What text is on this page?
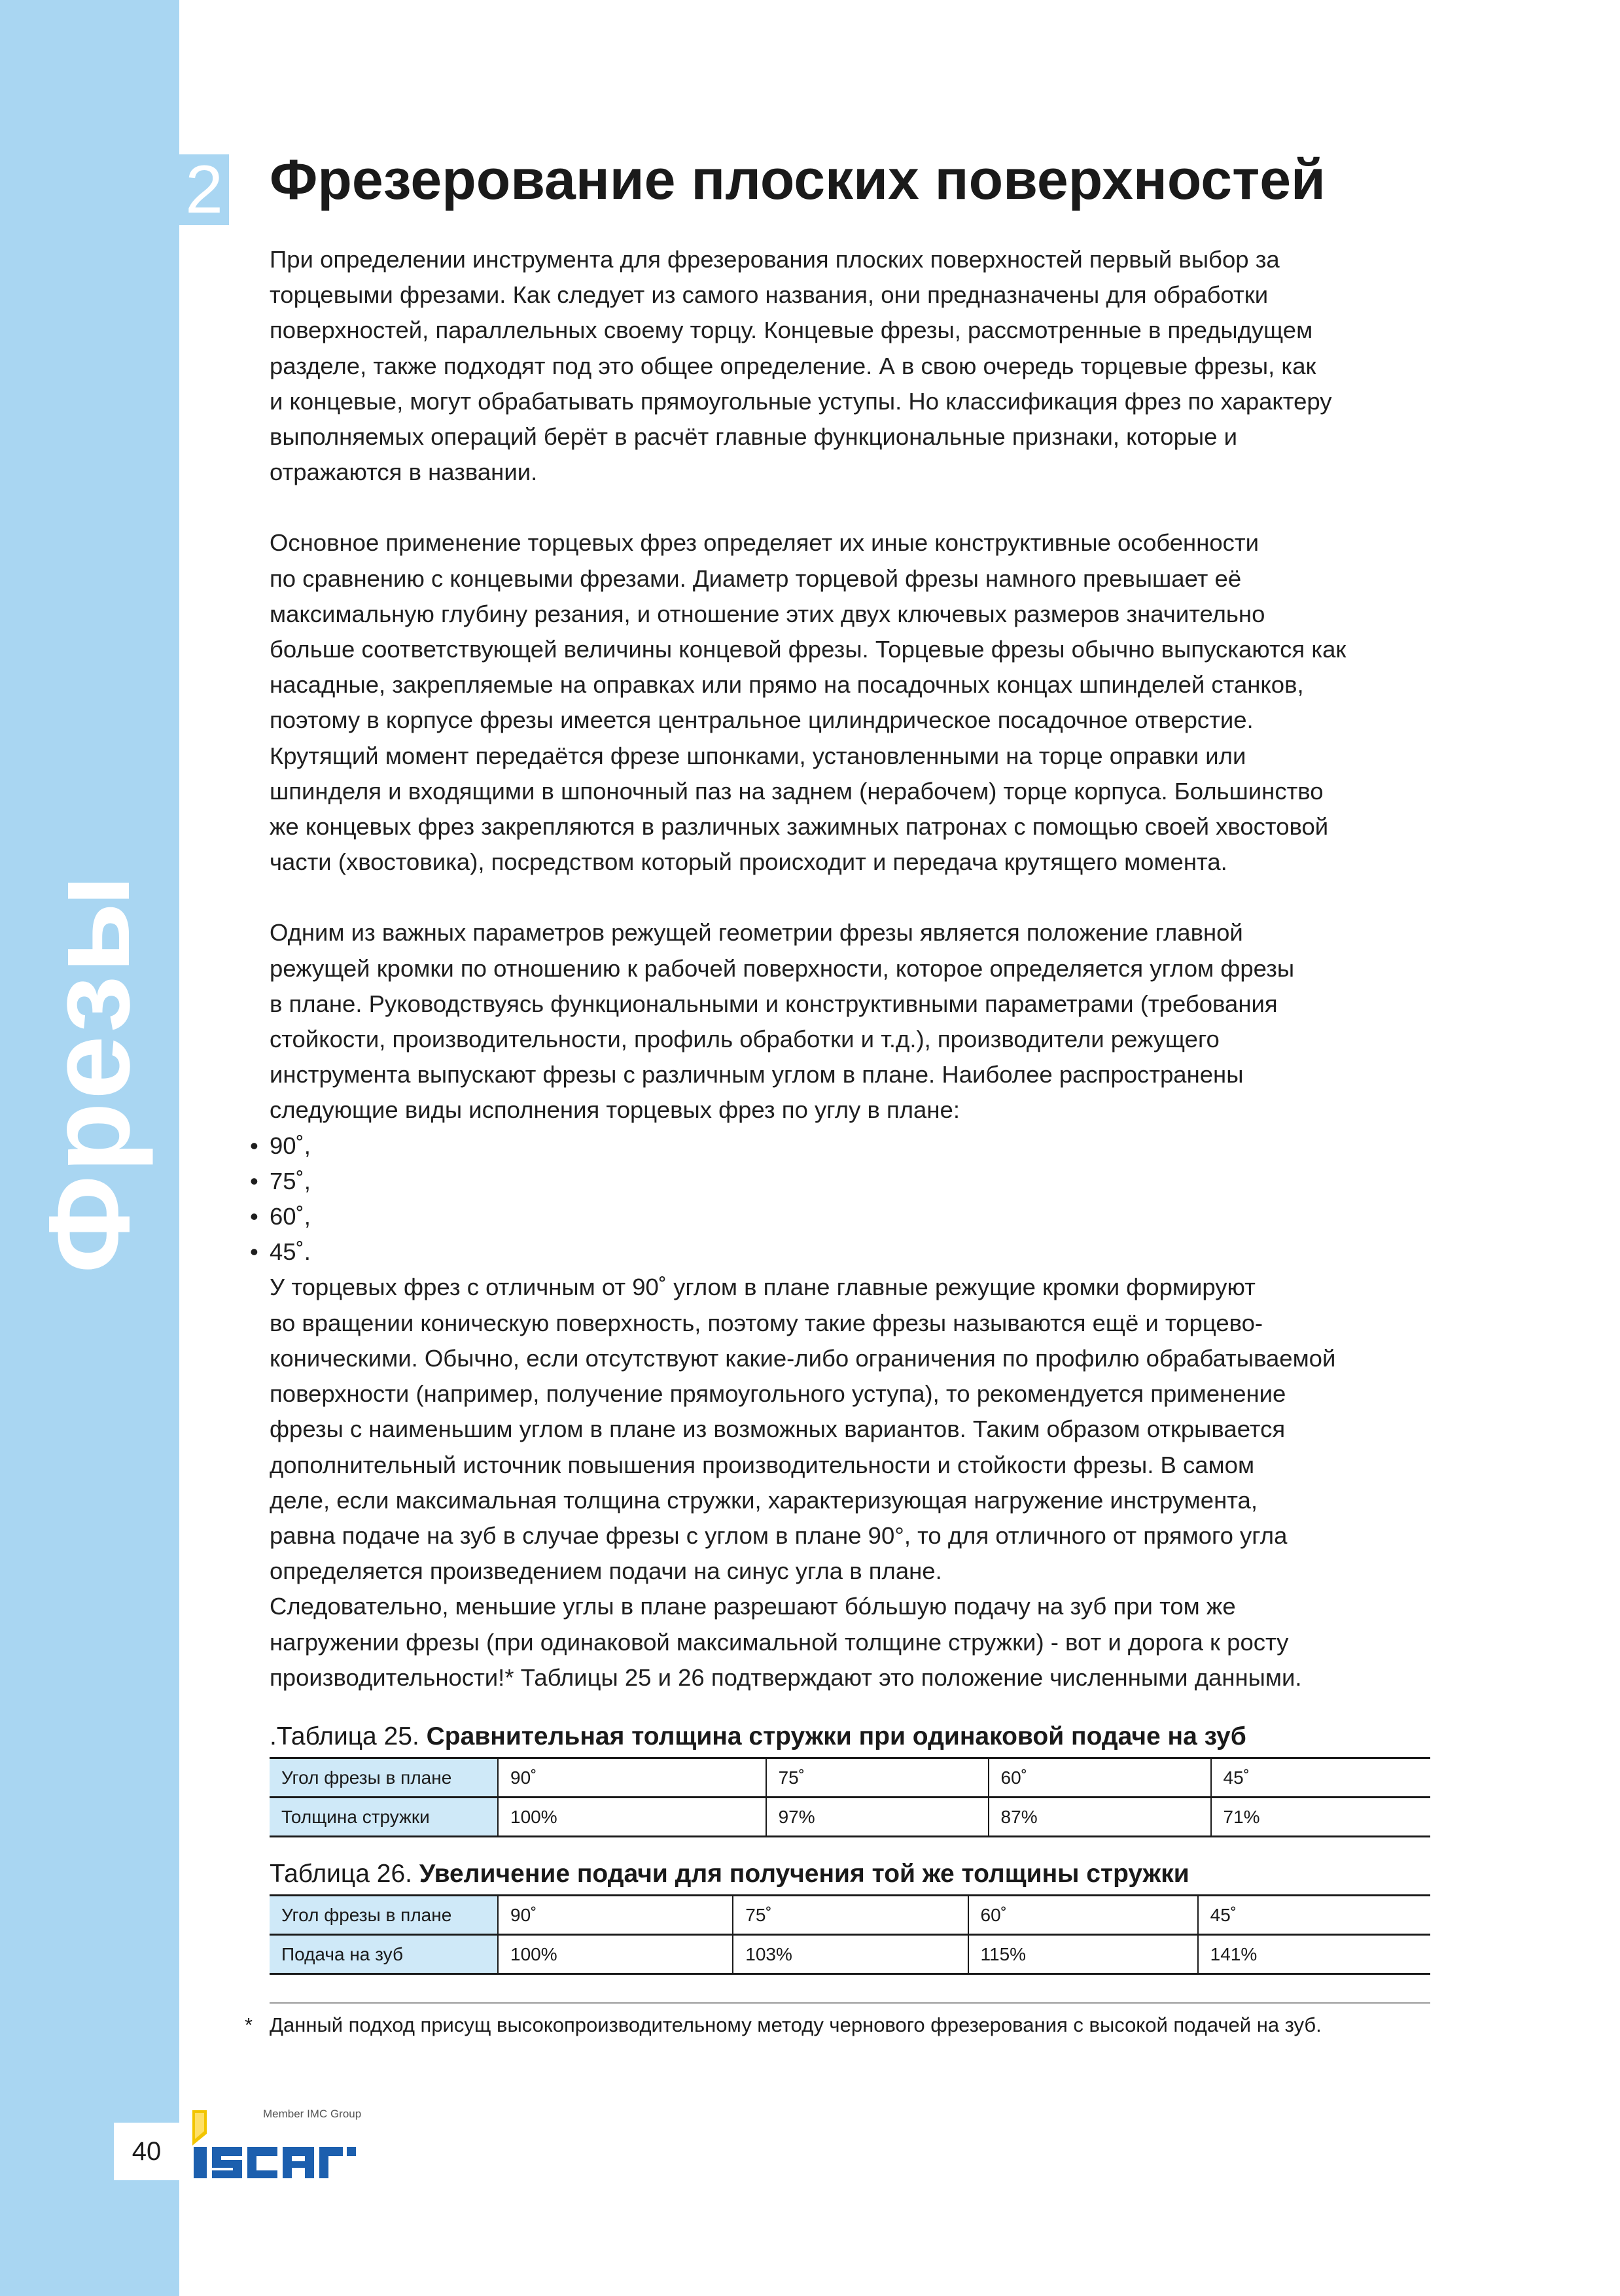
Фрезы
2 Фрезерование плоских поверхностей
При определении инструмента для фрезерования плоских поверхностей первый выбор за
торцевыми фрезами. Как следует из самого названия, они предназначены для обработки
поверхностей, параллельных своему торцу. Концевые фрезы, рассмотренные в предыдущем
разделе, также подходят под это общее определение. А в свою очередь торцевые фрезы, как
и концевые, могут обрабатывать прямоугольные уступы. Но классификация фрез по характеру
выполняемых операций берёт в расчёт главные функциональные признаки, которые и
отражаются в названии.
Основное применение торцевых фрез определяет их иные конструктивные особенности
по сравнению с концевыми фрезами. Диаметр торцевой фрезы намного превышает её
максимальную глубину резания, и отношение этих двух ключевых размеров значительно
больше соответствующей величины концевой фрезы. Торцевые фрезы обычно выпускаются как
насадные, закрепляемые на оправках или прямо на посадочных концах шпинделей станков,
поэтому в корпусе фрезы имеется центральное цилиндрическое посадочное отверстие.
Крутящий момент передаётся фрезе шпонками, установленными на торце оправки или
шпинделя и входящими в шпоночный паз на заднем (нерабочем) торце корпуса. Большинство
же концевых фрез закрепляются в различных зажимных патронах с помощью своей хвостовой
части (хвостовика), посредством который происходит и передача крутящего момента.
Одним из важных параметров режущей геометрии фрезы является положение главной
режущей кромки по отношению к рабочей поверхности, которое определяется углом фрезы
в плане. Руководствуясь функциональными и конструктивными параметрами (требования
стойкости, производительности, профиль обработки и т.д.), производители режущего
инструмента выпускают фрезы с различным углом в плане. Наиболее распространены
следующие виды исполнения торцевых фрез по углу в плане:
• 90˚,
• 75˚,
• 60˚,
• 45˚.
У торцевых фрез с отличным от 90˚ углом в плане главные режущие кромки формируют
во вращении коническую поверхность, поэтому такие фрезы называются ещё и торцево-
коническими. Обычно, если отсутствуют какие-либо ограничения по профилю обрабатываемой
поверхности (например, получение прямоугольного уступа), то рекомендуется применение
фрезы с наименьшим углом в плане из возможных вариантов. Таким образом открывается
дополнительный источник повышения производительности и стойкости фрезы. В самом
деле, если максимальная толщина стружки, характеризующая нагружение инструмента,
равна подаче на зуб в случае фрезы с углом в плане 90°, то для отличного от прямого угла
определяется произведением подачи на синус угла в плане.
Следовательно, меньшие углы в плане разрешают бóльшую подачу на зуб при том же
нагружении фрезы (при одинаковой максимальной толщине стружки) - вот и дорога к росту
производительности!* Таблицы 25 и 26 подтверждают это положение численными данными.
.Таблица 25. Сравнительная толщина стружки при одинаковой подаче на зуб
Угол фрезы в плане	90˚	75˚	60˚	45˚
Толщина стружки	100%	97%	87%	71%
Таблица 26. Увеличение подачи для получения той же толщины стружки
Угол фрезы в плане	90˚	75˚	60˚	45˚
Подача на зуб	100%	103%	115%	141%
* Данный подход присущ высокопроизводительному методу чернового фрезерования с высокой подачей на зуб.
40
Member IMC Group
